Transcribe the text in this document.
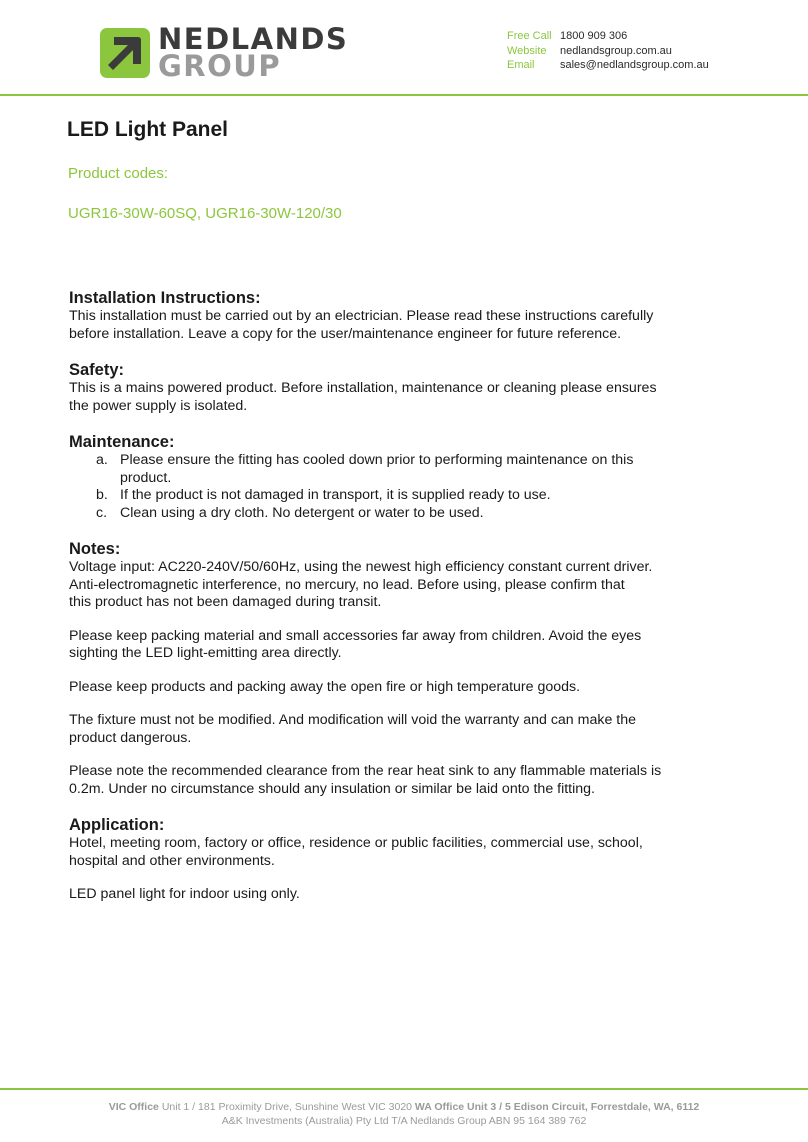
NEDLANDS
GROUP
Free Call 1800 909 306
Website	nedlandsgroup.com.au
Email	sales@nedlandsgroup.com.au
LED Light Panel
Product codes:
UGR16-30W-60SQ, UGR16-30W-120/30
Installation Instructions:

This installation must be carried out by an electrician. Please read these instructions carefully

before installation. Leave a copy for the user/maintenance engineer for future reference.

Safety:

This is a mains powered product. Before installation, maintenance or cleaning please ensures

the power supply is isolated.

Maintenance:
a. Please ensure the fitting has cooled down prior to performing maintenance on this
product.
b. If the product is not damaged in transport, it is supplied ready to use.
c. Clean using a dry cloth. No detergent or water to be used.
Notes:

Voltage input: AC220-240V/50/60Hz, using the newest high efficiency constant current driver.

Anti-electromagnetic interference, no mercury, no lead. Before using, please confirm that

this product has not been damaged during transit.

Please keep packing material and small accessories far away from children. Avoid the eyes

sighting the LED light-emitting area directly.

Please keep products and packing away the open fire or high temperature goods.

The fixture must not be modified. And modification will void the warranty and can make the

product dangerous.

Please note the recommended clearance from the rear heat sink to any flammable materials is

0.2m. Under no circumstance should any insulation or similar be laid onto the fitting.

Application:

Hotel, meeting room, factory or office, residence or public facilities, commercial use, school,

hospital and other environments.

LED panel light for indoor using only.

VIC Office Unit 1 / 181 Proximity Drive, Sunshine West VIC 3020 WA Office Unit 3 / 5 Edison Circuit, Forrestdale, WA, 6112
A&K Investments (Australia) Pty Ltd T/A Nedlands Group ABN 95 164 389 762
